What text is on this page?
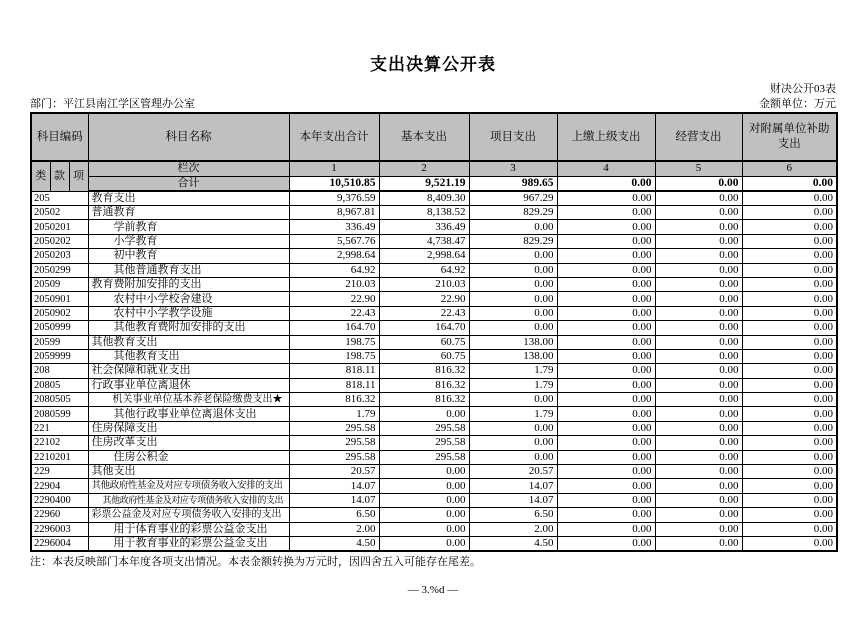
支出决算公开表
财决公开03表
部门：平江县南江学区管理办公室	金额单位：万元
科目编码			科目名称	本年支出合计	基本支出	项目支出	上缴上级支出	经营支出	对附属单位补助支出
类	款	项	栏次	1	2	3	4	5	6
			合计	10,510.85	9,521.19	989.65	0.00	0.00	0.00
205			教育支出	9,376.59	8,409.30	967.29	0.00	0.00	0.00
20502			普通教育	8,967.81	8,138.52	829.29	0.00	0.00	0.00
2050201			学前教育	336.49	336.49	0.00	0.00	0.00	0.00
2050202			小学教育	5,567.76	4,738.47	829.29	0.00	0.00	0.00
2050203			初中教育	2,998.64	2,998.64	0.00	0.00	0.00	0.00
2050299			其他普通教育支出	64.92	64.92	0.00	0.00	0.00	0.00
20509			教育费附加安排的支出	210.03	210.03	0.00	0.00	0.00	0.00
2050901			农村中小学校舍建设	22.90	22.90	0.00	0.00	0.00	0.00
2050902			农村中小学教学设施	22.43	22.43	0.00	0.00	0.00	0.00
2050999			其他教育费附加安排的支出	164.70	164.70	0.00	0.00	0.00	0.00
20599			其他教育支出	198.75	60.75	138.00	0.00	0.00	0.00
2059999			其他教育支出	198.75	60.75	138.00	0.00	0.00	0.00
208			社会保障和就业支出	818.11	816.32	1.79	0.00	0.00	0.00
20805			行政事业单位离退休	818.11	816.32	1.79	0.00	0.00	0.00
2080505			机关事业单位基本养老保险缴费支出★	816.32	816.32	0.00	0.00	0.00	0.00
2080599			其他行政事业单位离退休支出	1.79	0.00	1.79	0.00	0.00	0.00
221			住房保障支出	295.58	295.58	0.00	0.00	0.00	0.00
22102			住房改革支出	295.58	295.58	0.00	0.00	0.00	0.00
2210201			住房公积金	295.58	295.58	0.00	0.00	0.00	0.00
229			其他支出	20.57	0.00	20.57	0.00	0.00	0.00
22904			其他政府性基金及对应专项债务收入安排的支出	14.07	0.00	14.07	0.00	0.00	0.00
2290400			其他政府性基金及对应专项债务收入安排的支出	14.07	0.00	14.07	0.00	0.00	0.00
22960			彩票公益金及对应专项债务收入安排的支出	6.50	0.00	6.50	0.00	0.00	0.00
2296003			用于体育事业的彩票公益金支出	2.00	0.00	2.00	0.00	0.00	0.00
2296004			用于教育事业的彩票公益金支出	4.50	0.00	4.50	0.00	0.00	0.00
注：本表反映部门本年度各项支出情况。本表金额转换为万元时，因四舍五入可能存在尾差。
— 3.%d —
